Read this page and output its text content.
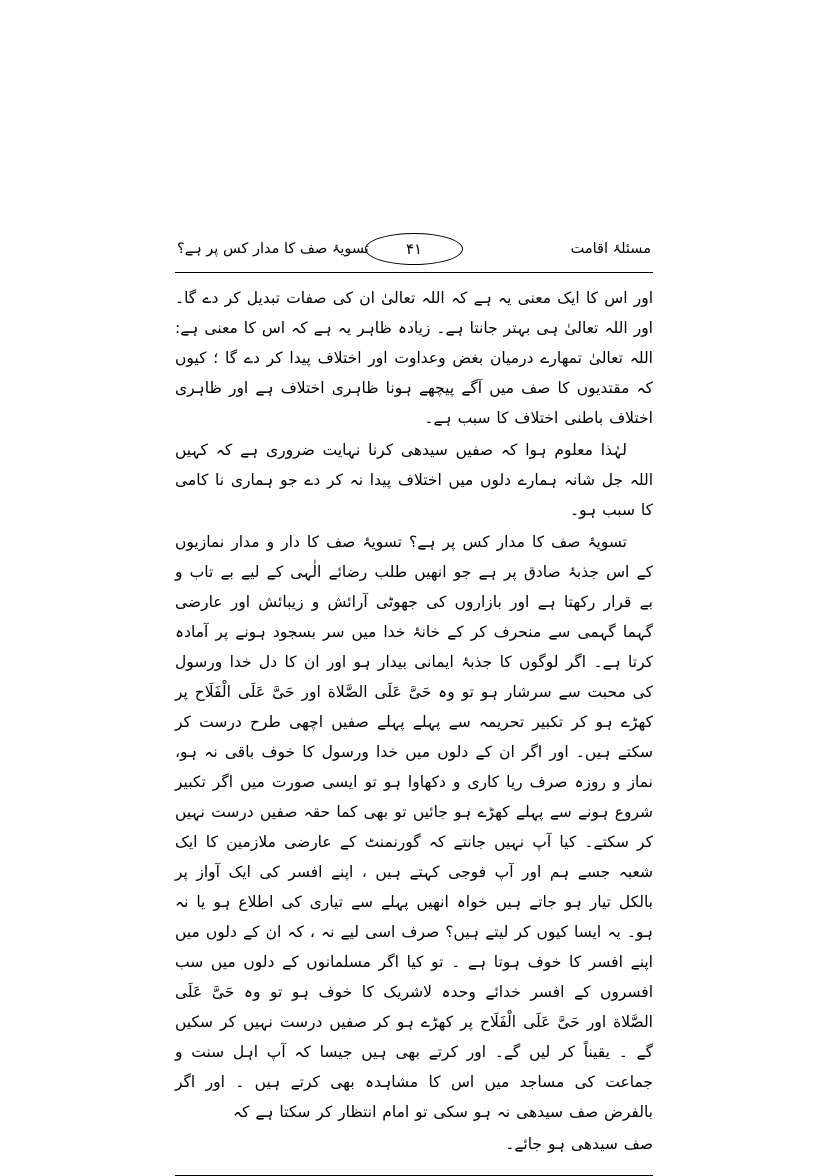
مسئلۂ اقامت
۴۱
تسویۂ صف کا مدار کس پر ہے؟

اور اس کا ایک معنی یہ ہے کہ اللہ تعالیٰ ان کی صفات تبدیل کر دے گا۔ اور اللہ تعالیٰ ہی بہتر جانتا ہے۔ زیادہ ظاہر یہ ہے کہ اس کا معنی ہے: اللہ تعالیٰ تمھارے درمیان بغض وعداوت اور اختلاف پیدا کر دے گا ؛ کیوں کہ مقتدیوں کا صف میں آگے پیچھے ہونا ظاہری اختلاف ہے اور ظاہری اختلاف باطنی اختلاف کا سبب ہے۔

لہٰذا معلوم ہوا کہ صفیں سیدھی کرنا نہایت ضروری ہے کہ کہیں اللہ جل شانہ ہمارے دلوں میں اختلاف پیدا نہ کر دے جو ہماری نا کامی کا سبب ہو۔

تسویۂ صف کا مدار کس پر ہے؟ تسویۂ صف کا دار و مدار نمازیوں کے اس جذبۂ صادق پر ہے جو انھیں طلب رضائے الٰہی کے لیے بے تاب و بے قرار رکھتا ہے اور بازاروں کی جھوٹی آرائش و زیبائش اور عارضی گہما گہمی سے منحرف کر کے خانۂ خدا میں سر بسجود ہونے پر آمادہ کرتا ہے۔ اگر لوگوں کا جذبۂ ایمانی بیدار ہو اور ان کا دل خدا ورسول کی محبت سے سرشار ہو تو وہ حَیَّ عَلَی الصَّلاة اور حَیَّ عَلَی الْفَلَاح پر کھڑے ہو کر تکبیر تحریمہ سے پہلے پہلے صفیں اچھی طرح درست کر سکتے ہیں۔ اور اگر ان کے دلوں میں خدا ورسول کا خوف باقی نہ ہو، نماز و روزہ صرف ریا کاری و دکھاوا ہو تو ایسی صورت میں اگر تکبیر شروع ہونے سے پہلے کھڑے ہو جائیں تو بھی کما حقہ صفیں درست نہیں کر سکتے۔ کیا آپ نہیں جانتے کہ گورنمنٹ کے عارضی ملازمین کا ایک شعبہ جسے ہم اور آپ فوجی کہتے ہیں ، اپنے افسر کی ایک آواز پر بالکل تیار ہو جاتے ہیں خواہ انھیں پہلے سے تیاری کی اطلاع ہو یا نہ ہو۔ یہ ایسا کیوں کر لیتے ہیں؟ صرف اسی لیے نہ ، کہ ان کے دلوں میں اپنے افسر کا خوف ہوتا ہے ۔ تو کیا اگر مسلمانوں کے دلوں میں سب افسروں کے افسر خدائے وحدہ لاشریک کا خوف ہو تو وہ حَیَّ عَلَی الصَّلاة اور حَیَّ عَلَی الْفَلَاح پر کھڑے ہو کر صفیں درست نہیں کر سکیں گے ۔ یقیناً کر لیں گے۔ اور کرتے بھی ہیں جیسا کہ آپ اہل سنت و جماعت کی مساجد میں اس کا مشاہدہ بھی کرتے ہیں ۔ اور اگر بالفرض صف سیدھی نہ ہو سکی تو امام انتظار کر سکتا ہے کہ

صف سیدھی ہو جائے۔
